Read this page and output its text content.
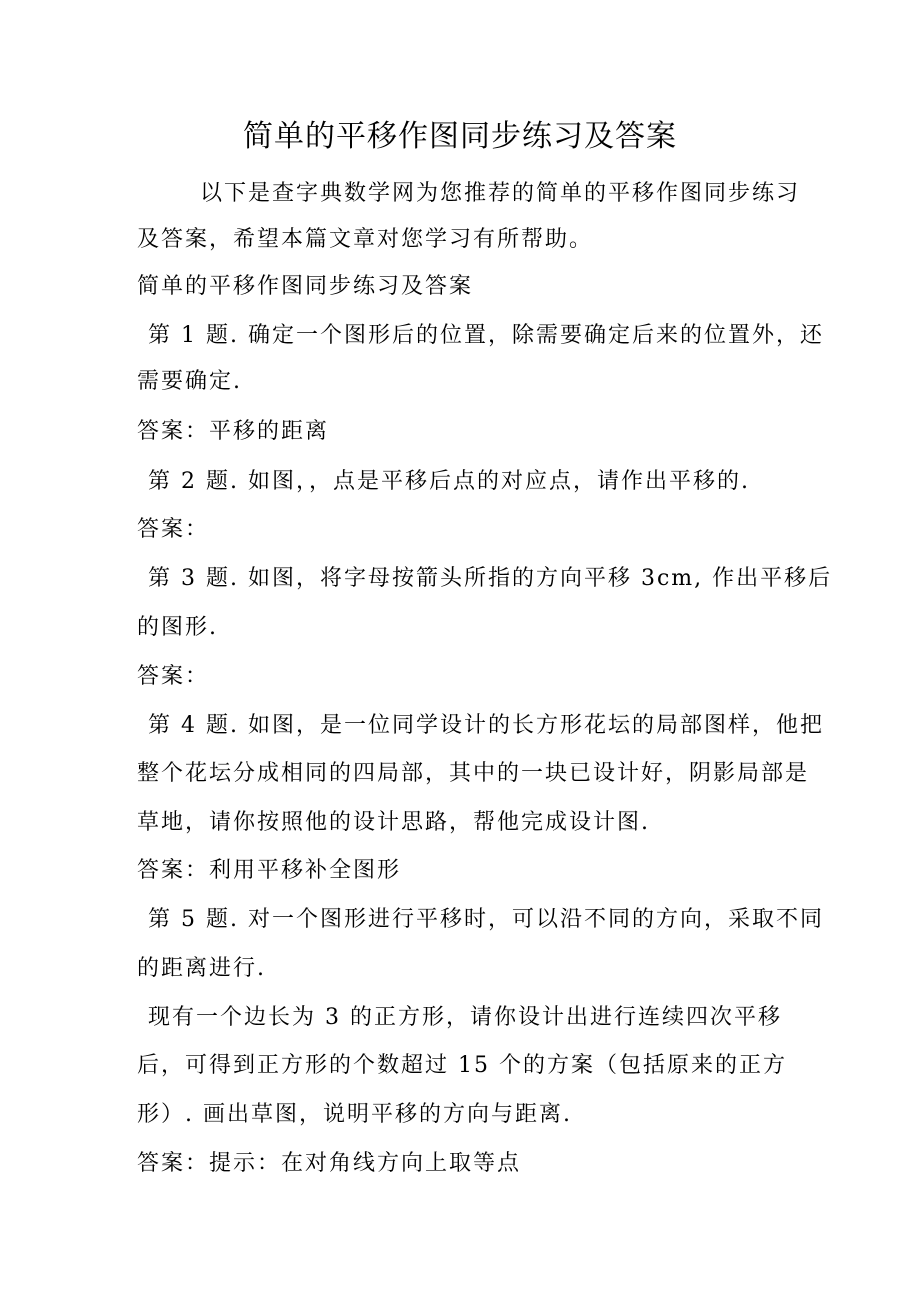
简单的平移作图同步练习及答案
以下是查字典数学网为您推荐的简单的平移作图同步练习
及答案，希望本篇文章对您学习有所帮助。
简单的平移作图同步练习及答案
第 1 题. 确定一个图形后的位置，除需要确定后来的位置外，还
需要确定.
答案：平移的距离
第 2 题. 如图，，点是平移后点的对应点，请作出平移的.
答案：
第 3 题. 如图，将字母按箭头所指的方向平移 3cm, 作出平移后
的图形.
答案：
第 4 题. 如图，是一位同学设计的长方形花坛的局部图样，他把
整个花坛分成相同的四局部，其中的一块已设计好，阴影局部是
草地，请你按照他的设计思路，帮他完成设计图.
答案：利用平移补全图形
第 5 题. 对一个图形进行平移时，可以沿不同的方向，采取不同
的距离进行.
现有一个边长为 3 的正方形，请你设计出进行连续四次平移
后，可得到正方形的个数超过 15 个的方案（包括原来的正方
形）. 画出草图，说明平移的方向与距离.
答案：提示：在对角线方向上取等点
